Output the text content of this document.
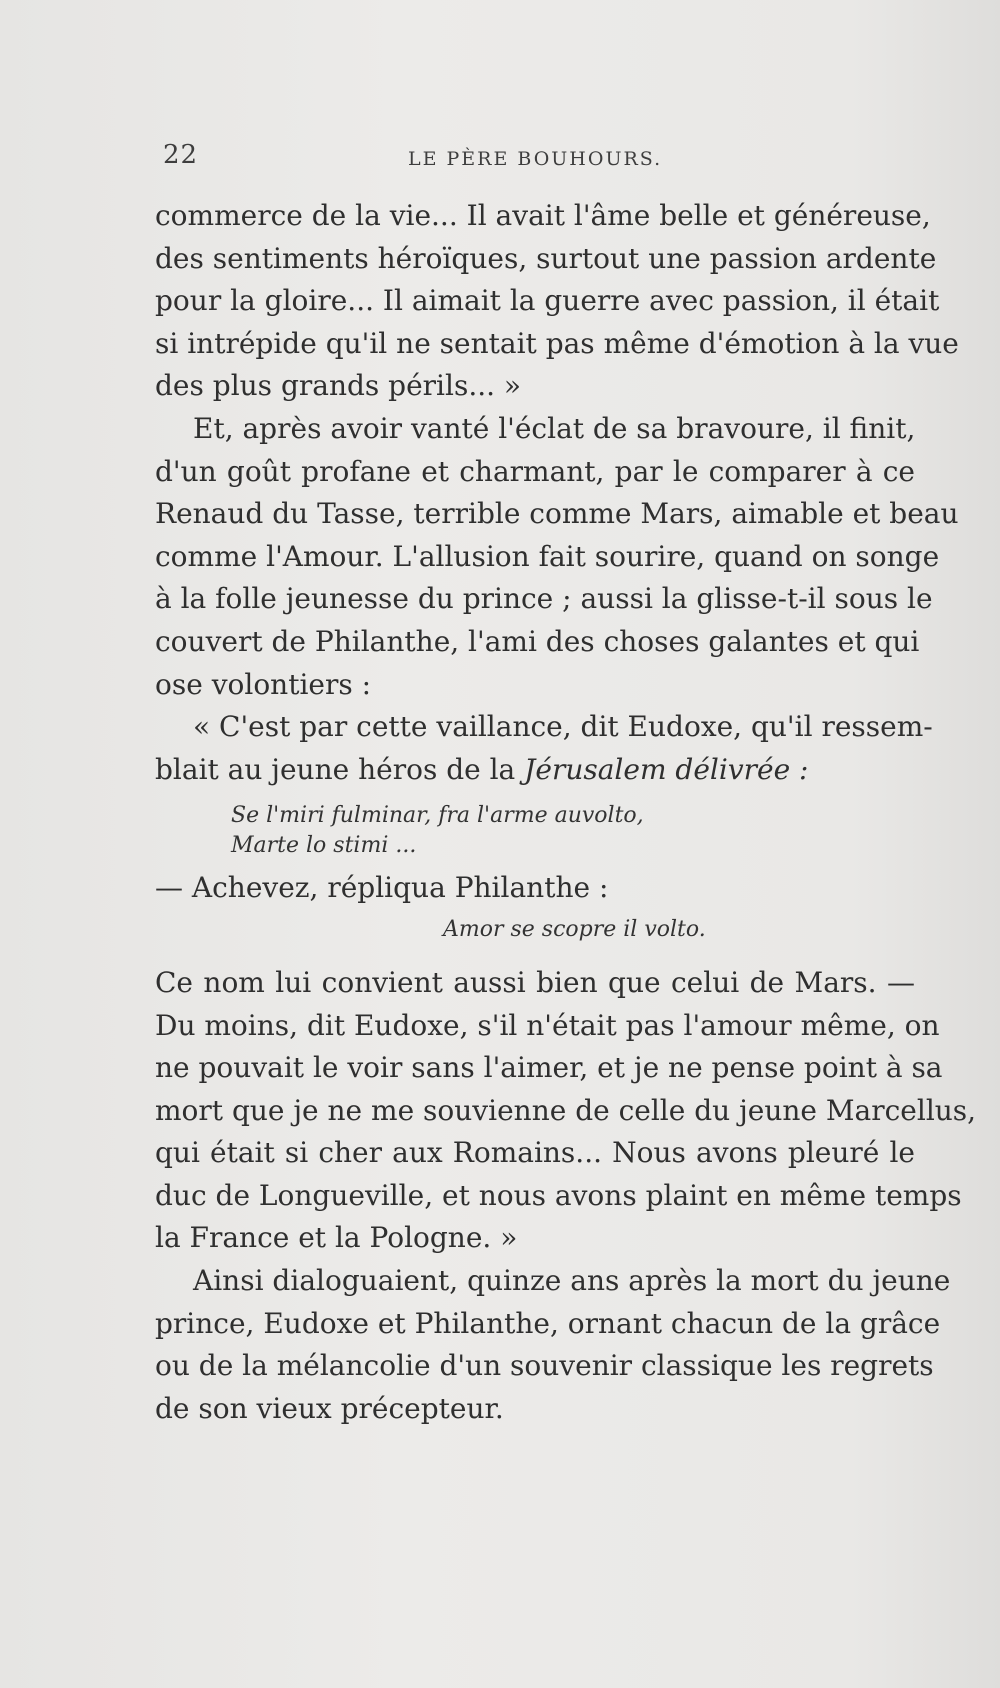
22	LE PÈRE BOUHOURS.
commerce de la vie... Il avait l'âme belle et généreuse,
des sentiments héroïques, surtout une passion ardente
pour la gloire... Il aimait la guerre avec passion, il était
si intrépide qu'il ne sentait pas même d'émotion à la vue
des plus grands périls... »
Et, après avoir vanté l'éclat de sa bravoure, il finit,
d'un goût profane et charmant, par le comparer à ce
Renaud du Tasse, terrible comme Mars, aimable et beau
comme l'Amour. L'allusion fait sourire, quand on songe
à la folle jeunesse du prince ; aussi la glisse-t-il sous le
couvert de Philanthe, l'ami des choses galantes et qui
ose volontiers :
« C'est par cette vaillance, dit Eudoxe, qu'il ressem-
blait au jeune héros de la Jérusalem délivrée :
Se l'miri fulminar, fra l'arme auvolto,
Marte lo stimi ...
— Achevez, répliqua Philanthe :
Amor se scopre il volto.
Ce nom lui convient aussi bien que celui de Mars. —
Du moins, dit Eudoxe, s'il n'était pas l'amour même, on
ne pouvait le voir sans l'aimer, et je ne pense point à sa
mort que je ne me souvienne de celle du jeune Marcellus,
qui était si cher aux Romains... Nous avons pleuré le
duc de Longueville, et nous avons plaint en même temps
la France et la Pologne. »
Ainsi dialoguaient, quinze ans après la mort du jeune
prince, Eudoxe et Philanthe, ornant chacun de la grâce
ou de la mélancolie d'un souvenir classique les regrets
de son vieux précepteur.
